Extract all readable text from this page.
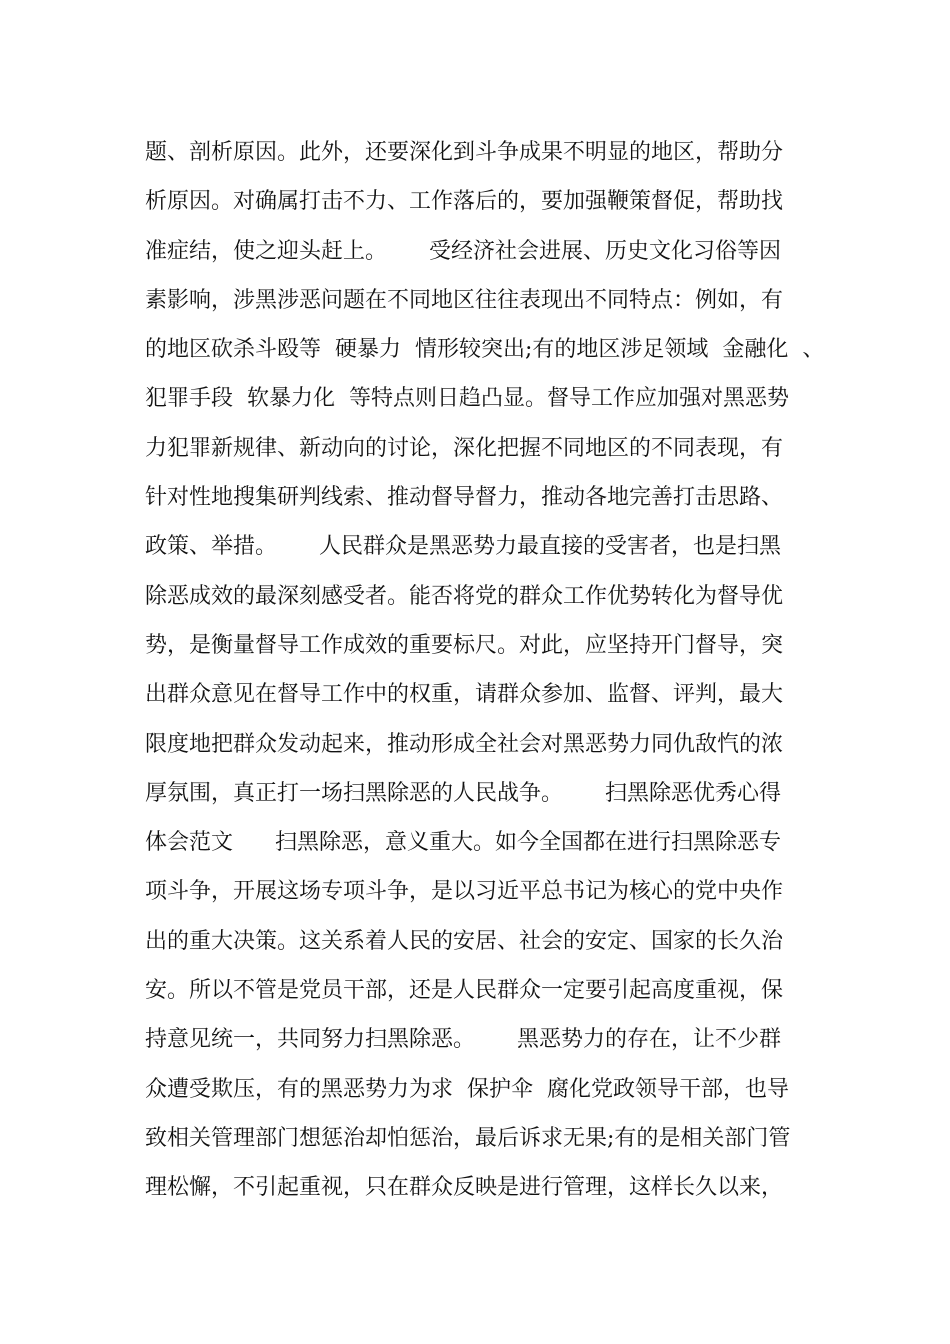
题、剖析原因。此外，还要深化到斗争成果不明显的地区，帮助分
析原因。对确属打击不力、工作落后的，要加强鞭策督促，帮助找
准症结，使之迎头赶上。      受经济社会进展、历史文化习俗等因
素影响，涉黑涉恶问题在不同地区往往表现出不同特点：例如，有
的地区砍杀斗殴等  硬暴力  情形较突出;有的地区涉足领域  金融化  、
犯罪手段  软暴力化  等特点则日趋凸显。督导工作应加强对黑恶势
力犯罪新规律、新动向的讨论，深化把握不同地区的不同表现，有
针对性地搜集研判线索、推动督导督力，推动各地完善打击思路、
政策、举措。      人民群众是黑恶势力最直接的受害者，也是扫黑
除恶成效的最深刻感受者。能否将党的群众工作优势转化为督导优
势，是衡量督导工作成效的重要标尺。对此，应坚持开门督导，突
出群众意见在督导工作中的权重，请群众参加、监督、评判，最大
限度地把群众发动起来，推动形成全社会对黑恶势力同仇敌忾的浓
厚氛围，真正打一场扫黑除恶的人民战争。      扫黑除恶优秀心得
体会范文      扫黑除恶，意义重大。如今全国都在进行扫黑除恶专
项斗争，开展这场专项斗争，是以习近平总书记为核心的党中央作
出的重大决策。这关系着人民的安居、社会的安定、国家的长久治
安。所以不管是党员干部，还是人民群众一定要引起高度重视，保
持意见统一，共同努力扫黑除恶。      黑恶势力的存在，让不少群
众遭受欺压，有的黑恶势力为求  保护伞  腐化党政领导干部，也导
致相关管理部门想惩治却怕惩治，最后诉求无果;有的是相关部门管
理松懈，不引起重视，只在群众反映是进行管理，这样长久以来，
